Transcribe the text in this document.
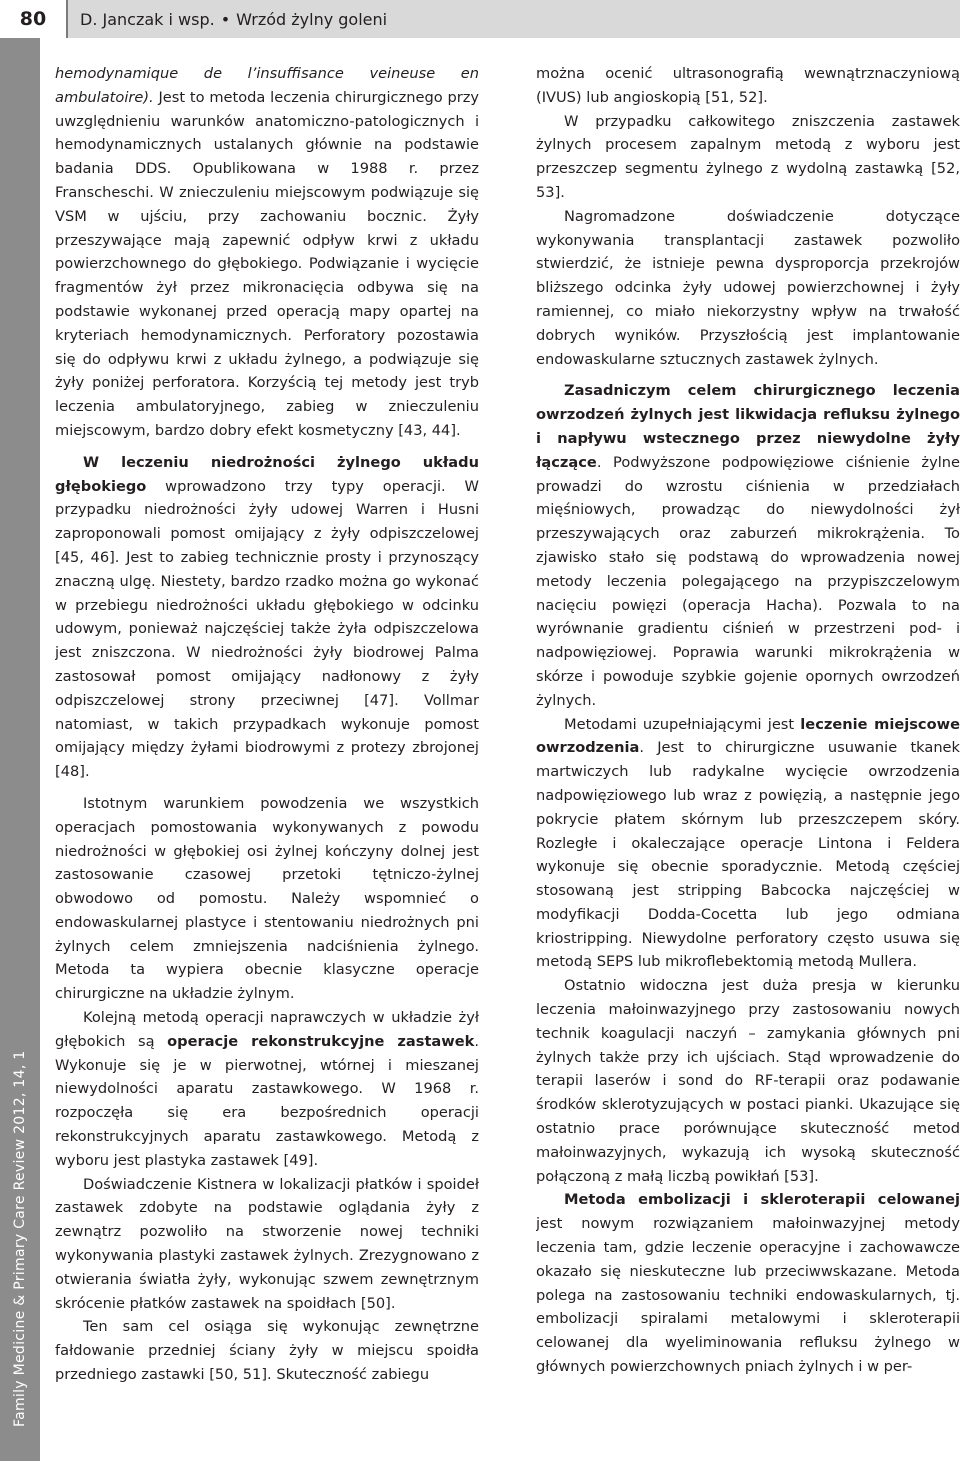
80	D. Janczak i wsp. • Wrzód żylny goleni
Family Medicine & Primary Care Review 2012, 14, 1

hemodynamique de l’insuffisance veineuse en ambulatoire). Jest to metoda leczenia chirurgicznego przy uwzględnieniu warunków anatomiczno-patologicznych i hemodynamicznych ustalanych głównie na podstawie badania DDS. Opublikowana w 1988 r. przez Franscheschi. W znieczuleniu miejscowym podwiązuje się VSM w ujściu, przy zachowaniu bocznic. Żyły przeszywające mają zapewnić odpływ krwi z układu powierzchownego do głębokiego. Podwiązanie i wycięcie fragmentów żył przez mikronacięcia odbywa się na podstawie wykonanej przed operacją mapy opartej na kryteriach hemodynamicznych. Perforatory pozostawia się do odpływu krwi z układu żylnego, a podwiązuje się żyły poniżej perforatora. Korzyścią tej metody jest tryb leczenia ambulatoryjnego, zabieg w znieczuleniu miejscowym, bardzo dobry efekt kosmetyczny [43, 44].

W leczeniu niedrożności żylnego układu głębokiego wprowadzono trzy typy operacji. W przypadku niedrożności żyły udowej Warren i Husni zaproponowali pomost omijający z żyły odpiszczelowej [45, 46]. Jest to zabieg technicznie prosty i przynoszący znaczną ulgę. Niestety, bardzo rzadko można go wykonać w przebiegu niedrożności układu głębokiego w odcinku udowym, ponieważ najczęściej także żyła odpiszczelowa jest zniszczona. W niedrożności żyły biodrowej Palma zastosował pomost omijający nadłonowy z żyły odpiszczelowej strony przeciwnej [47]. Vollmar natomiast, w takich przypadkach wykonuje pomost omijający między żyłami biodrowymi z protezy zbrojonej [48].

Istotnym warunkiem powodzenia we wszystkich operacjach pomostowania wykonywanych z powodu niedrożności w głębokiej osi żylnej kończyny dolnej jest zastosowanie czasowej przetoki tętniczo-żylnej obwodowo od pomostu. Należy wspomnieć o endowaskularnej plastyce i stentowaniu niedrożnych pni żylnych celem zmniejszenia nadciśnienia żylnego. Metoda ta wypiera obecnie klasyczne operacje chirurgiczne na układzie żylnym.

Kolejną metodą operacji naprawczych w układzie żył głębokich są operacje rekonstrukcyjne zastawek. Wykonuje się je w pierwotnej, wtórnej i mieszanej niewydolności aparatu zastawkowego. W 1968 r. rozpoczęła się era bezpośrednich operacji rekonstrukcyjnych aparatu zastawkowego. Metodą z wyboru jest plastyka zastawek [49].

Doświadczenie Kistnera w lokalizacji płatków i spoideł zastawek zdobyte na podstawie oglądania żyły z zewnątrz pozwoliło na stworzenie nowej techniki wykonywania plastyki zastawek żylnych. Zrezygnowano z otwierania światła żyły, wykonując szwem zewnętrznym skrócenie płatków zastawek na spoidłach [50].

Ten sam cel osiąga się wykonując zewnętrzne fałdowanie przedniej ściany żyły w miejscu spoidła przedniego zastawki [50, 51]. Skuteczność zabiegu

można ocenić ultrasonografią wewnątrznaczyniową (IVUS) lub angioskopią [51, 52].

W przypadku całkowitego zniszczenia zastawek żylnych procesem zapalnym metodą z wyboru jest przeszczep segmentu żylnego z wydolną zastawką [52, 53].

Nagromadzone doświadczenie dotyczące wykonywania transplantacji zastawek pozwoliło stwierdzić, że istnieje pewna dysproporcja przekrojów bliższego odcinka żyły udowej powierzchownej i żyły ramiennej, co miało niekorzystny wpływ na trwałość dobrych wyników. Przyszłością jest implantowanie endowaskularne sztucznych zastawek żylnych.

Zasadniczym celem chirurgicznego leczenia owrzodzeń żylnych jest likwidacja refluksu żylnego i napływu wstecznego przez niewydolne żyły łączące. Podwyższone podpowięziowe ciśnienie żylne prowadzi do wzrostu ciśnienia w przedziałach mięśniowych, prowadząc do niewydolności żył przeszywających oraz zaburzeń mikrokrążenia. To zjawisko stało się podstawą do wprowadzenia nowej metody leczenia polegającego na przypiszczelowym nacięciu powięzi (operacja Hacha). Pozwala to na wyrównanie gradientu ciśnień w przestrzeni pod- i nadpowięziowej. Poprawia warunki mikrokrążenia w skórze i powoduje szybkie gojenie opornych owrzodzeń żylnych.

Metodami uzupełniającymi jest leczenie miejscowe owrzodzenia. Jest to chirurgiczne usuwanie tkanek martwiczych lub radykalne wycięcie owrzodzenia nadpowięziowego lub wraz z powięzią, a następnie jego pokrycie płatem skórnym lub przeszczepem skóry. Rozległe i okaleczające operacje Lintona i Feldera wykonuje się obecnie sporadycznie. Metodą częściej stosowaną jest stripping Babcocka najczęściej w modyfikacji Dodda-Cocetta lub jego odmiana kriostripping. Niewydolne perforatory często usuwa się metodą SEPS lub mikroflebektomią metodą Mullera.

Ostatnio widoczna jest duża presja w kierunku leczenia małoinwazyjnego przy zastosowaniu nowych technik koagulacji naczyń – zamykania głównych pni żylnych także przy ich ujściach. Stąd wprowadzenie do terapii laserów i sond do RF-terapii oraz podawanie środków sklerotyzujących w postaci pianki. Ukazujące się ostatnio prace porównujące skuteczność metod małoinwazyjnych, wykazują ich wysoką skuteczność połączoną z małą liczbą powikłań [53].

Metoda embolizacji i skleroterapii celowanej jest nowym rozwiązaniem małoinwazyjnej metody leczenia tam, gdzie leczenie operacyjne i zachowawcze okazało się nieskuteczne lub przeciwwskazane. Metoda polega na zastosowaniu techniki endowaskularnych, tj. embolizacji spiralami metalowymi i skleroterapii celowanej dla wyeliminowania refluksu żylnego w głównych powierzchownych pniach żylnych i w per-
